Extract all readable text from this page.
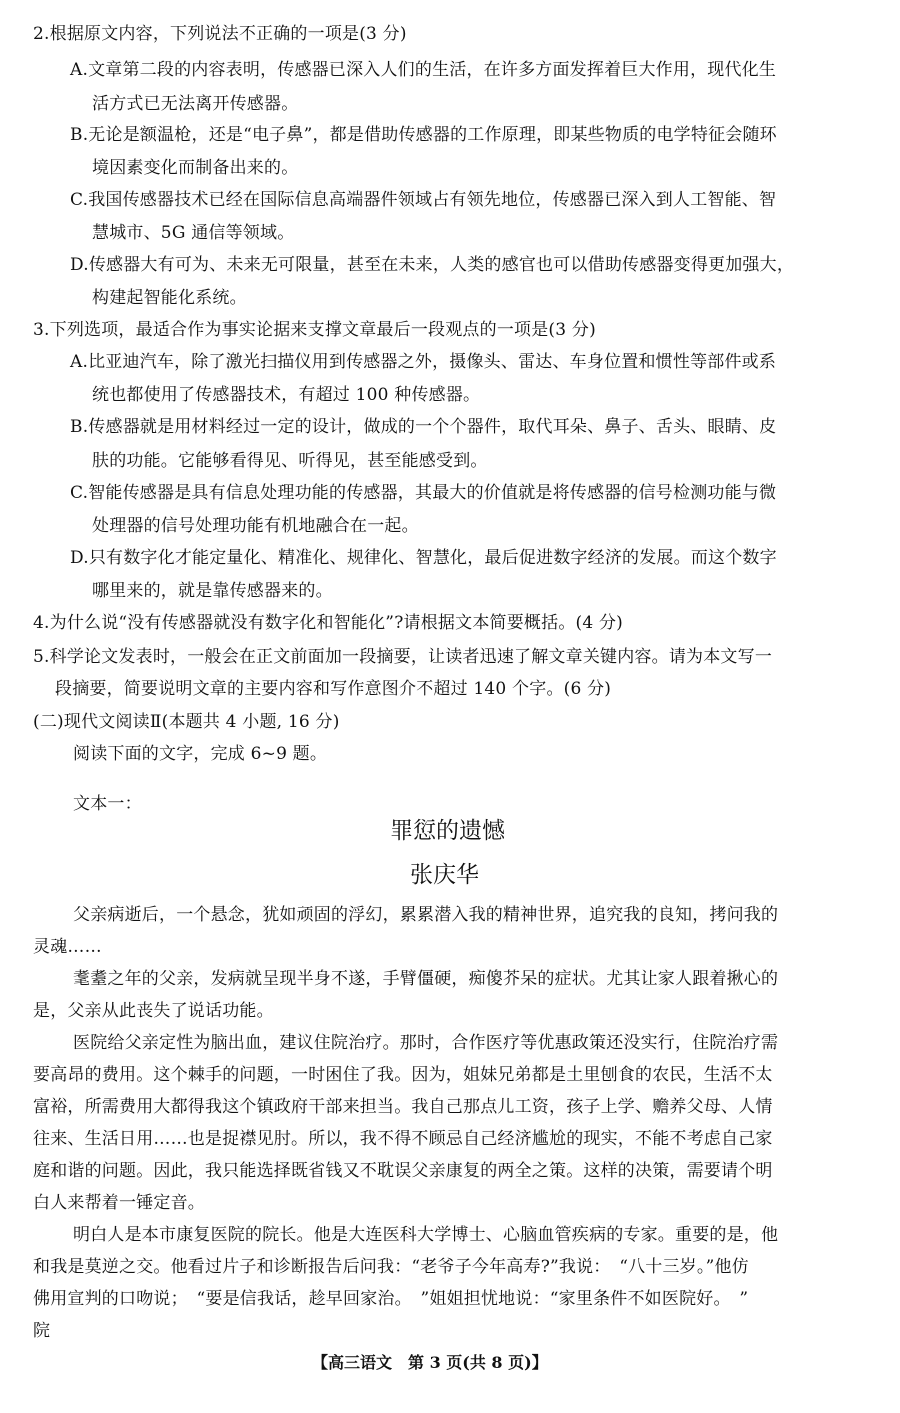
2.根据原文内容，下列说法不正确的一项是(3 分)
A.文章第二段的内容表明，传感器已深入人们的生活，在许多方面发挥着巨大作用，现代化生
活方式已无法离开传感器。
B.无论是额温枪，还是“电子鼻”，都是借助传感器的工作原理，即某些物质的电学特征会随环
境因素变化而制备出来的。
C.我国传感器技术已经在国际信息高端器件领域占有领先地位，传感器已深入到人工智能、智
慧城市、5G 通信等领域。
D.传感器大有可为、未来无可限量，甚至在未来，人类的感官也可以借助传感器变得更加强大，
构建起智能化系统。
3.下列选项，最适合作为事实论据来支撑文章最后一段观点的一项是(3 分)
A.比亚迪汽车，除了激光扫描仪用到传感器之外，摄像头、雷达、车身位置和惯性等部件或系
统也都使用了传感器技术，有超过 100 种传感器。
B.传感器就是用材料经过一定的设计，做成的一个个器件，取代耳朵、鼻子、舌头、眼睛、皮
肤的功能。它能够看得见、听得见，甚至能感受到。
C.智能传感器是具有信息处理功能的传感器，其最大的价值就是将传感器的信号检测功能与微
处理器的信号处理功能有机地融合在一起。
D.只有数字化才能定量化、精准化、规律化、智慧化，最后促进数字经济的发展。而这个数字
哪里来的，就是靠传感器来的。
4.为什么说“没有传感器就没有数字化和智能化”?请根据文本简要概括。(4 分)
5.科学论文发表时，一般会在正文前面加一段摘要，让读者迅速了解文章关键内容。请为本文写一
段摘要，简要说明文章的主要内容和写作意图介不超过 140 个字。(6 分)
(二)现代文阅读Ⅱ(本题共 4 小题, 16 分)
阅读下面的文字，完成 6~9 题。
文本一：
罪愆的遗憾
张庆华
父亲病逝后，一个悬念，犹如顽固的浮幻，累累潜入我的精神世界，追究我的良知，拷问我的
灵魂……
耄耋之年的父亲，发病就呈现半身不遂，手臂僵硬，痴傻芥呆的症状。尤其让家人跟着揪心的
是，父亲从此丧失了说话功能。
医院给父亲定性为脑出血，建议住院治疗。那时，合作医疗等优惠政策还没实行，住院治疗需
要高昂的费用。这个棘手的问题，一时困住了我。因为，姐妹兄弟都是土里刨食的农民，生活不太
富裕，所需费用大都得我这个镇政府干部来担当。我自己那点儿工资，孩子上学、赡养父母、人情
往来、生活日用……也是捉襟见肘。所以，我不得不顾忌自己经济尴尬的现实，不能不考虑自己家
庭和谐的问题。因此，我只能选择既省钱又不耽误父亲康复的两全之策。这样的决策，需要请个明
白人来帮着一锤定音。
明白人是本市康复医院的院长。他是大连医科大学博士、心脑血管疾病的专家。重要的是，他
和我是莫逆之交。他看过片子和诊断报告后问我：“老爷子今年高寿?”我说：　“八十三岁。”他仿
佛用宣判的口吻说；　“要是信我话，趁早回家治。　”姐姐担忧地说：“家里条件不如医院好。　”
院
【高三语文　第 3 页(共 8 页)】
